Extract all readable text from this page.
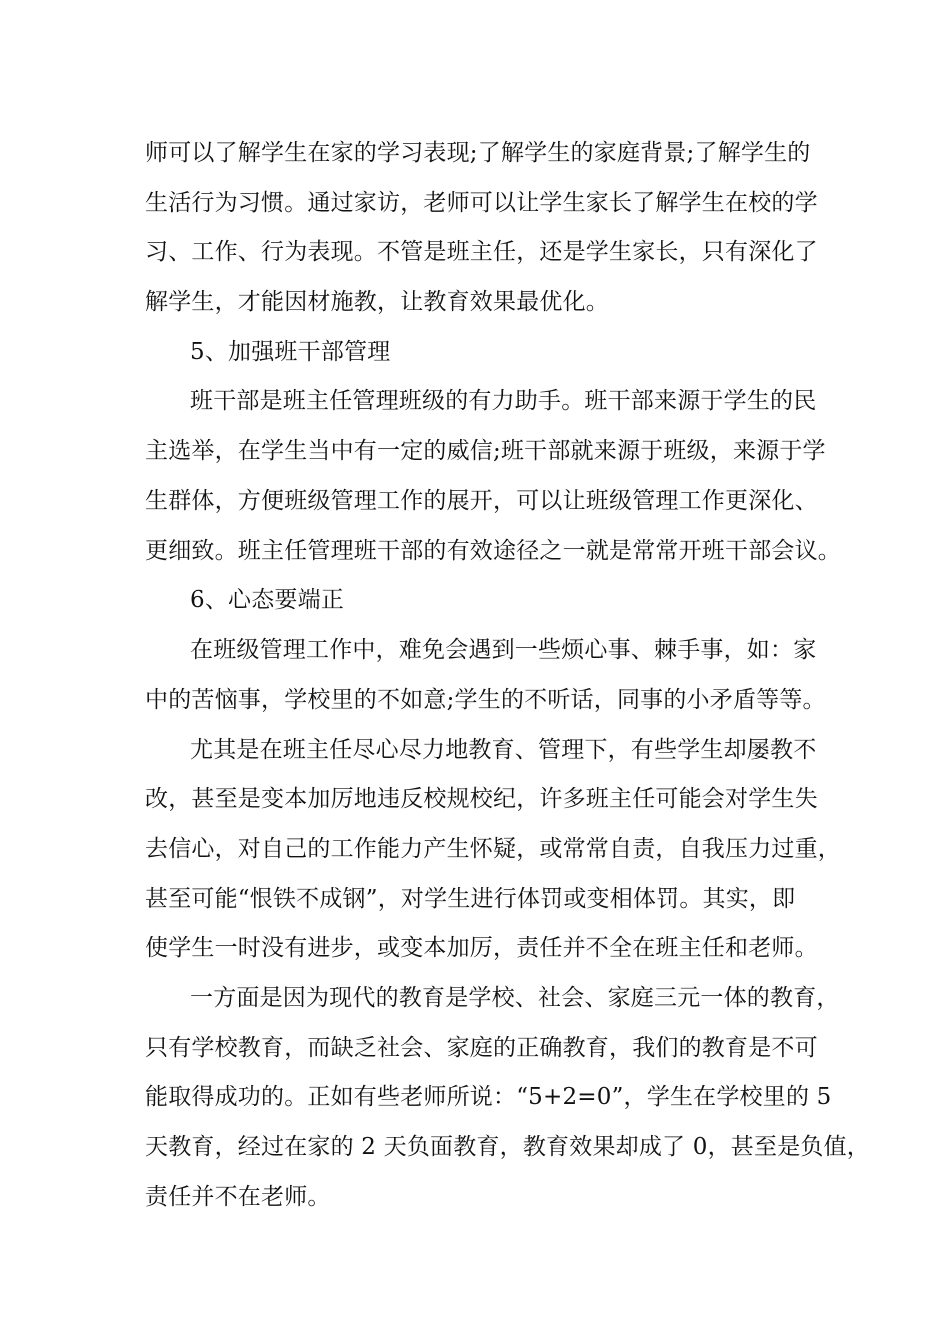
师可以了解学生在家的学习表现;了解学生的家庭背景;了解学生的
生活行为习惯。通过家访，老师可以让学生家长了解学生在校的学
习、工作、行为表现。不管是班主任，还是学生家长，只有深化了
解学生，才能因材施教，让教育效果最优化。
5、加强班干部管理
班干部是班主任管理班级的有力助手。班干部来源于学生的民
主选举，在学生当中有一定的威信;班干部就来源于班级，来源于学
生群体，方便班级管理工作的展开，可以让班级管理工作更深化、
更细致。班主任管理班干部的有效途径之一就是常常开班干部会议。
6、心态要端正
在班级管理工作中，难免会遇到一些烦心事、棘手事，如：家
中的苦恼事，学校里的不如意;学生的不听话，同事的小矛盾等等。
尤其是在班主任尽心尽力地教育、管理下，有些学生却屡教不
改，甚至是变本加厉地违反校规校纪，许多班主任可能会对学生失
去信心，对自己的工作能力产生怀疑，或常常自责，自我压力过重，
甚至可能“恨铁不成钢”，对学生进行体罚或变相体罚。其实，即
使学生一时没有进步，或变本加厉，责任并不全在班主任和老师。
一方面是因为现代的教育是学校、社会、家庭三元一体的教育，
只有学校教育，而缺乏社会、家庭的正确教育，我们的教育是不可
能取得成功的。正如有些老师所说：“5+2=0”，学生在学校里的 5
天教育，经过在家的 2 天负面教育，教育效果却成了 0，甚至是负值，
责任并不在老师。
